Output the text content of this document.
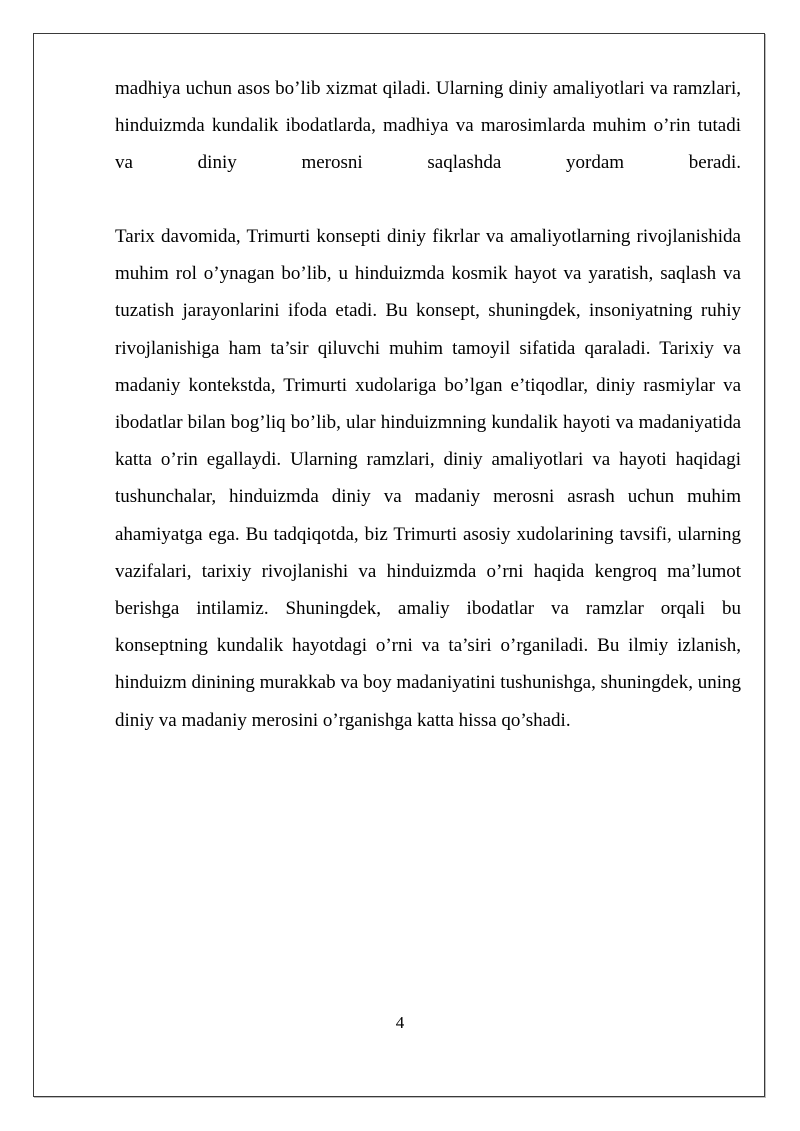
madhiya uchun asos bo’lib xizmat qiladi. Ularning diniy amaliyotlari va ramzlari, hinduizmda kundalik ibodatlarda, madhiya va marosimlarda muhim o’rin tutadi va diniy merosni saqlashda yordam beradi.

Tarix davomida, Trimurti konsepti diniy fikrlar va amaliyotlarning rivojlanishida muhim rol o’ynagan bo’lib, u hinduizmda kosmik hayot va yaratish, saqlash va tuzatish jarayonlarini ifoda etadi. Bu konsept, shuningdek, insoniyatning ruhiy rivojlanishiga ham ta’sir qiluvchi muhim tamoyil sifatida qaraladi. Tarixiy va madaniy kontekstda, Trimurti xudolariga bo’lgan e’tiqodlar, diniy rasmiylar va ibodatlar bilan bog’liq bo’lib, ular hinduizmning kundalik hayoti va madaniyatida katta o’rin egallaydi. Ularning ramzlari, diniy amaliyotlari va hayoti haqidagi tushunchalar, hinduizmda diniy va madaniy merosni asrash uchun muhim ahamiyatga ega. Bu tadqiqotda, biz Trimurti asosiy xudolarining tavsifi, ularning vazifalari, tarixiy rivojlanishi va hinduizmda o’rni haqida kengroq ma’lumot berishga intilamiz. Shuningdek, amaliy ibodatlar va ramzlar orqali bu konseptning kundalik hayotdagi o’rni va ta’siri o’rganiladi. Bu ilmiy izlanish, hinduizm dinining murakkab va boy madaniyatini tushunishga, shuningdek, uning diniy va madaniy merosini o’rganishga katta hissa qo’shadi.

4
